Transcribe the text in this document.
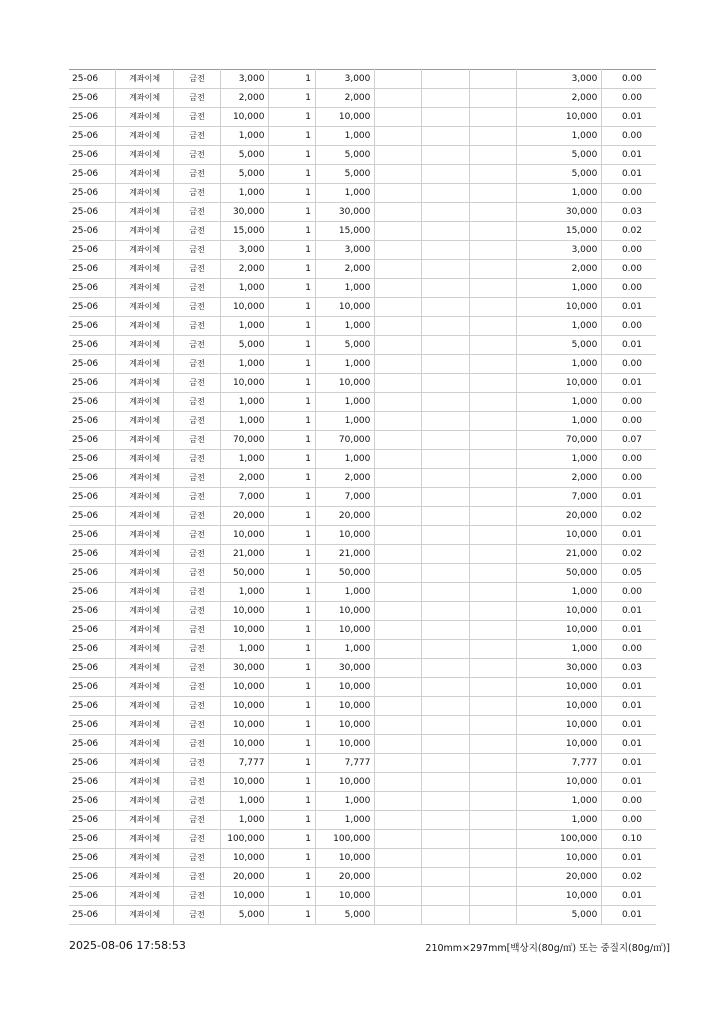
25-06	계좌이체	금전	3,000	1	3,000				3,000	0.00
25-06	계좌이체	금전	2,000	1	2,000				2,000	0.00
25-06	계좌이체	금전	10,000	1	10,000				10,000	0.01
25-06	계좌이체	금전	1,000	1	1,000				1,000	0.00
25-06	계좌이체	금전	5,000	1	5,000				5,000	0.01
25-06	계좌이체	금전	5,000	1	5,000				5,000	0.01
25-06	계좌이체	금전	1,000	1	1,000				1,000	0.00
25-06	계좌이체	금전	30,000	1	30,000				30,000	0.03
25-06	계좌이체	금전	15,000	1	15,000				15,000	0.02
25-06	계좌이체	금전	3,000	1	3,000				3,000	0.00
25-06	계좌이체	금전	2,000	1	2,000				2,000	0.00
25-06	계좌이체	금전	1,000	1	1,000				1,000	0.00
25-06	계좌이체	금전	10,000	1	10,000				10,000	0.01
25-06	계좌이체	금전	1,000	1	1,000				1,000	0.00
25-06	계좌이체	금전	5,000	1	5,000				5,000	0.01
25-06	계좌이체	금전	1,000	1	1,000				1,000	0.00
25-06	계좌이체	금전	10,000	1	10,000				10,000	0.01
25-06	계좌이체	금전	1,000	1	1,000				1,000	0.00
25-06	계좌이체	금전	1,000	1	1,000				1,000	0.00
25-06	계좌이체	금전	70,000	1	70,000				70,000	0.07
25-06	계좌이체	금전	1,000	1	1,000				1,000	0.00
25-06	계좌이체	금전	2,000	1	2,000				2,000	0.00
25-06	계좌이체	금전	7,000	1	7,000				7,000	0.01
25-06	계좌이체	금전	20,000	1	20,000				20,000	0.02
25-06	계좌이체	금전	10,000	1	10,000				10,000	0.01
25-06	계좌이체	금전	21,000	1	21,000				21,000	0.02
25-06	계좌이체	금전	50,000	1	50,000				50,000	0.05
25-06	계좌이체	금전	1,000	1	1,000				1,000	0.00
25-06	계좌이체	금전	10,000	1	10,000				10,000	0.01
25-06	계좌이체	금전	10,000	1	10,000				10,000	0.01
25-06	계좌이체	금전	1,000	1	1,000				1,000	0.00
25-06	계좌이체	금전	30,000	1	30,000				30,000	0.03
25-06	계좌이체	금전	10,000	1	10,000				10,000	0.01
25-06	계좌이체	금전	10,000	1	10,000				10,000	0.01
25-06	계좌이체	금전	10,000	1	10,000				10,000	0.01
25-06	계좌이체	금전	10,000	1	10,000				10,000	0.01
25-06	계좌이체	금전	7,777	1	7,777				7,777	0.01
25-06	계좌이체	금전	10,000	1	10,000				10,000	0.01
25-06	계좌이체	금전	1,000	1	1,000				1,000	0.00
25-06	계좌이체	금전	1,000	1	1,000				1,000	0.00
25-06	계좌이체	금전	100,000	1	100,000				100,000	0.10
25-06	계좌이체	금전	10,000	1	10,000				10,000	0.01
25-06	계좌이체	금전	20,000	1	20,000				20,000	0.02
25-06	계좌이체	금전	10,000	1	10,000				10,000	0.01
25-06	계좌이체	금전	5,000	1	5,000				5,000	0.01
2025-08-06 17:58:53	210mm×297mm[백상지(80g/㎡) 또는 중질지(80g/㎡)]
